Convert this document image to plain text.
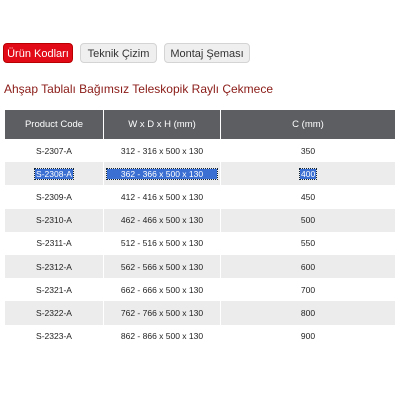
Ürün Kodları	Teknik Çizim	Montaj Şeması
Ahşap Tablalı Bağımsız Teleskopik Raylı Çekmece
Product Code	W x D x H (mm)	C (mm)
S-2307-A	312 - 316 x 500 x 130	350
S-2308-A	362 - 366 x 500 x 130	400
S-2309-A	412 - 416 x 500 x 130	450
S-2310-A	462 - 466 x 500 x 130	500
S-2311-A	512 - 516 x 500 x 130	550
S-2312-A	562 - 566 x 500 x 130	600
S-2321-A	662 - 666 x 500 x 130	700
S-2322-A	762 - 766 x 500 x 130	800
S-2323-A	862 - 866 x 500 x 130	900
